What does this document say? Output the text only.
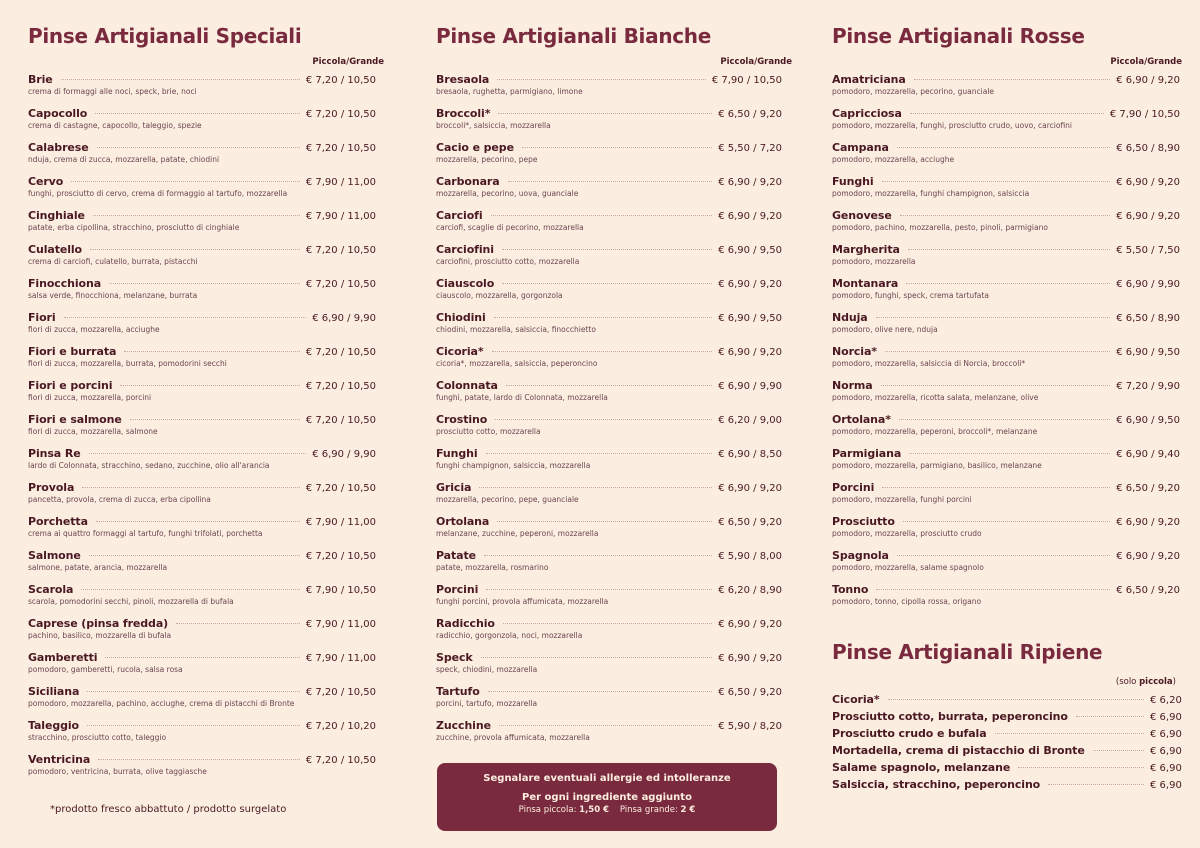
Pinse Artigianali Speciali
Piccola/Grande
Brie	€ 7,20 / 10,50
crema di formaggi alle noci, speck, brie, noci
Capocollo	€ 7,20 / 10,50
crema di castagne, capocollo, taleggio, spezie
Calabrese	€ 7,20 / 10,50
nduja, crema di zucca, mozzarella, patate, chiodini
Cervo	€ 7,90 / 11,00
funghi, prosciutto di cervo, crema di formaggio al tartufo, mozzarella
Cinghiale	€ 7,90 / 11,00
patate, erba cipollina, stracchino, prosciutto di cinghiale
Culatello	€ 7,20 / 10,50
crema di carciofi, culatello, burrata, pistacchi
Finocchiona	€ 7,20 / 10,50
salsa verde, finocchiona, melanzane, burrata
Fiori	€ 6,90 / 9,90
fiori di zucca, mozzarella, acciughe
Fiori e burrata	€ 7,20 / 10,50
fiori di zucca, mozzarella, burrata, pomodorini secchi
Fiori e porcini	€ 7,20 / 10,50
fiori di zucca, mozzarella, porcini
Fiori e salmone	€ 7,20 / 10,50
fiori di zucca, mozzarella, salmone
Pinsa Re	€ 6,90 / 9,90
lardo di Colonnata, stracchino, sedano, zucchine, olio all'arancia
Provola	€ 7,20 / 10,50
pancetta, provola, crema di zucca, erba cipollina
Porchetta	€ 7,90 / 11,00
crema ai quattro formaggi al tartufo, funghi trifolati, porchetta
Salmone	€ 7,20 / 10,50
salmone, patate, arancia, mozzarella
Scarola	€ 7,90 / 10,50
scarola, pomodorini secchi, pinoli, mozzarella di bufala
Caprese (pinsa fredda)	€ 7,90 / 11,00
pachino, basilico, mozzarella di bufala
Gamberetti	€ 7,90 / 11,00
pomodoro, gamberetti, rucola, salsa rosa
Siciliana	€ 7,20 / 10,50
pomodoro, mozzarella, pachino, acciughe, crema di pistacchi di Bronte
Taleggio	€ 7,20 / 10,20
stracchino, prosciutto cotto, taleggio
Ventricina	€ 7,20 / 10,50
pomodoro, ventricina, burrata, olive taggiasche
Pinse Artigianali Bianche
Piccola/Grande
Bresaola	€ 7,90 / 10,50
bresaola, rughetta, parmigiano, limone
Broccoli*	€ 6,50 / 9,20
broccoli*, salsiccia, mozzarella
Cacio e pepe	€ 5,50 / 7,20
mozzarella, pecorino, pepe
Carbonara	€ 6,90 / 9,20
mozzarella, pecorino, uova, guanciale
Carciofi	€ 6,90 / 9,20
carciofi, scaglie di pecorino, mozzarella
Carciofini	€ 6,90 / 9,50
carciofini, prosciutto cotto, mozzarella
Ciauscolo	€ 6,90 / 9,20
ciauscolo, mozzarella, gorgonzola
Chiodini	€ 6,90 / 9,50
chiodini, mozzarella, salsiccia, finocchietto
Cicoria*	€ 6,90 / 9,20
cicoria*, mozzarella, salsiccia, peperoncino
Colonnata	€ 6,90 / 9,90
funghi, patate, lardo di Colonnata, mozzarella
Crostino	€ 6,20 / 9,00
prosciutto cotto, mozzarella
Funghi	€ 6,90 / 8,50
funghi champignon, salsiccia, mozzarella
Gricia	€ 6,90 / 9,20
mozzarella, pecorino, pepe, guanciale
Ortolana	€ 6,50 / 9,20
melanzane, zucchine, peperoni, mozzarella
Patate	€ 5,90 / 8,00
patate, mozzarella, rosmarino
Porcini	€ 6,20 / 8,90
funghi porcini, provola affumicata, mozzarella
Radicchio	€ 6,90 / 9,20
radicchio, gorgonzola, noci, mozzarella
Speck	€ 6,90 / 9,20
speck, chiodini, mozzarella
Tartufo	€ 6,50 / 9,20
porcini, tartufo, mozzarella
Zucchine	€ 5,90 / 8,20
zucchine, provola affumicata, mozzarella
Pinse Artigianali Rosse
Piccola/Grande
Amatriciana	€ 6,90 / 9,20
pomodoro, mozzarella, pecorino, guanciale
Capricciosa	€ 7,90 / 10,50
pomodoro, mozzarella, funghi, prosciutto crudo, uovo, carciofini
Campana	€ 6,50 / 8,90
pomodoro, mozzarella, acciughe
Funghi	€ 6,90 / 9,20
pomodoro, mozzarella, funghi champignon, salsiccia
Genovese	€ 6,90 / 9,20
pomodoro, pachino, mozzarella, pesto, pinoli, parmigiano
Margherita	€ 5,50 / 7,50
pomodoro, mozzarella
Montanara	€ 6,90 / 9,90
pomodoro, funghi, speck, crema tartufata
Nduja	€ 6,50 / 8,90
pomodoro, olive nere, nduja
Norcia*	€ 6,90 / 9,50
pomodoro, mozzarella, salsiccia di Norcia, broccoli*
Norma	€ 7,20 / 9,90
pomodoro, mozzarella, ricotta salata, melanzane, olive
Ortolana*	€ 6,90 / 9,50
pomodoro, mozzarella, peperoni, broccoli*, melanzane
Parmigiana	€ 6,90 / 9,40
pomodoro, mozzarella, parmigiano, basilico, melanzane
Porcini	€ 6,50 / 9,20
pomodoro, mozzarella, funghi porcini
Prosciutto	€ 6,90 / 9,20
pomodoro, mozzarella, prosciutto crudo
Spagnola	€ 6,90 / 9,20
pomodoro, mozzarella, salame spagnolo
Tonno	€ 6,50 / 9,20
pomodoro, tonno, cipolla rossa, origano
Pinse Artigianali Ripiene
(solo piccola)
Cicoria*	€ 6,20
Prosciutto cotto, burrata, peperoncino	€ 6,90
Prosciutto crudo e bufala	€ 6,90
Mortadella, crema di pistacchio di Bronte	€ 6,90
Salame spagnolo, melanzane	€ 6,90
Salsiccia, stracchino, peperoncino	€ 6,90
*prodotto fresco abbattuto / prodotto surgelato
Segnalare eventuali allergie ed intolleranze
Per ogni ingrediente aggiunto
Pinsa piccola: 1,50 € Pinsa grande: 2 €
